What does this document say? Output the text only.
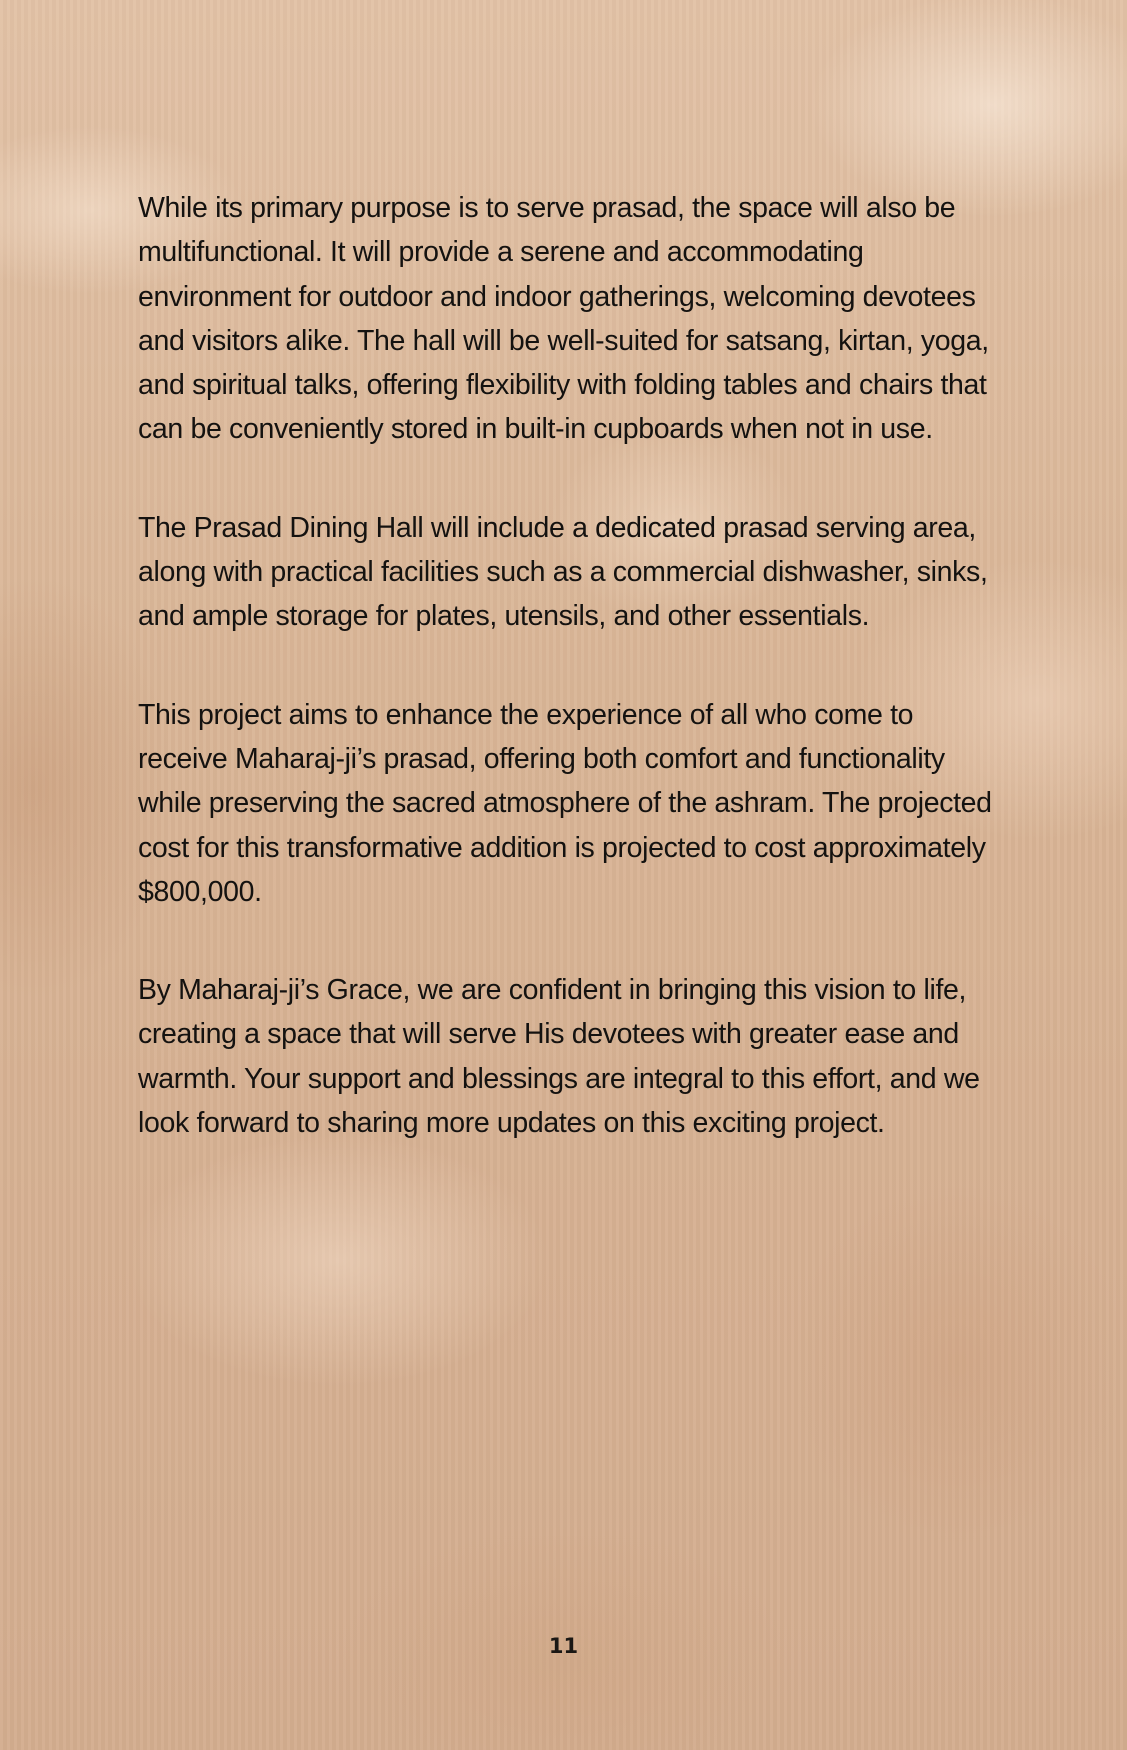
While its primary purpose is to serve prasad, the space will also be multifunctional. It will provide a serene and accommodating environment for outdoor and indoor gatherings, welcoming devotees and visitors alike. The hall will be well-suited for satsang, kirtan, yoga, and spiritual talks, offering flexibility with folding tables and chairs that can be conveniently stored in built-in cupboards when not in use.

The Prasad Dining Hall will include a dedicated prasad serving area, along with practical facilities such as a commercial dishwasher, sinks, and ample storage for plates, utensils, and other essentials.

This project aims to enhance the experience of all who come to receive Maharaj-ji’s prasad, offering both comfort and functionality while preserving the sacred atmosphere of the ashram. The projected cost for this transformative addition is projected to cost approximately $800,000.

By Maharaj-ji’s Grace, we are confident in bringing this vision to life, creating a space that will serve His devotees with greater ease and warmth. Your support and blessings are integral to this effort, and we look forward to sharing more updates on this exciting project.

11
